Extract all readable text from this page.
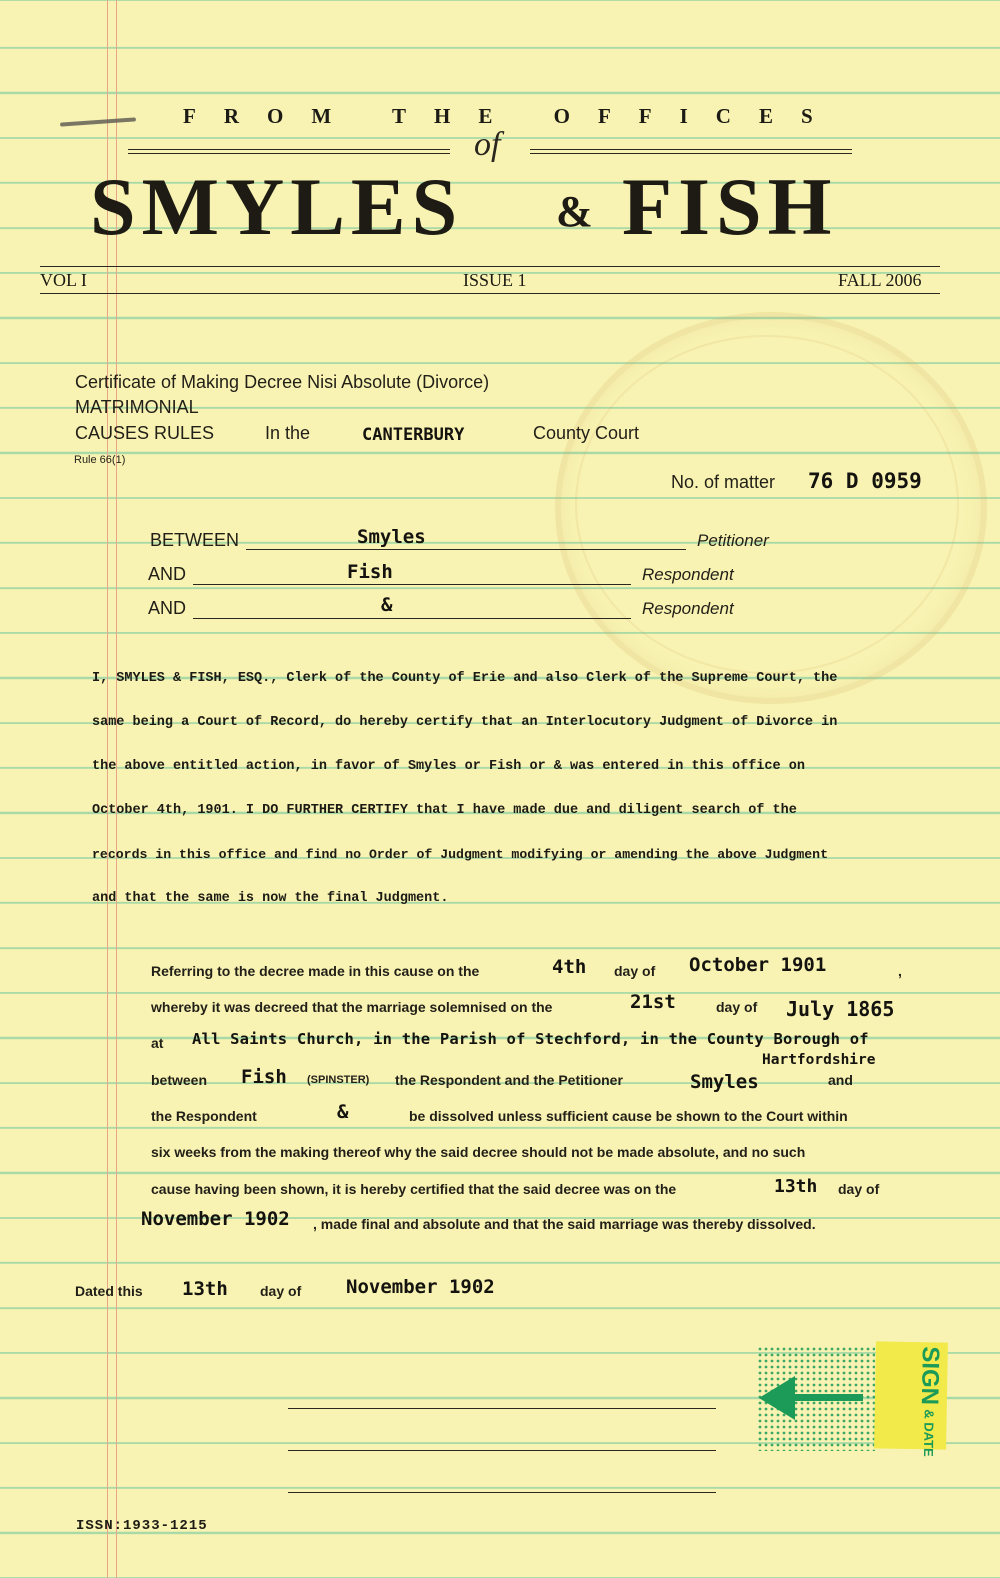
FROM THE OFFICES
of
SMYLES & FISH
VOL I	ISSUE 1	FALL 2006
Certificate of Making Decree Nisi Absolute (Divorce)
MATRIMONIAL
CAUSES RULES	In the	CANTERBURY	County Court
Rule 66(1)
No. of matter 76 D 0959
BETWEEN	Smyles	Petitioner
AND	Fish	Respondent
AND	&	Respondent
I, SMYLES & FISH, ESQ., Clerk of the County of Erie and also Clerk of the Supreme Court, the
same being a Court of Record, do hereby certify that an Interlocutory Judgment of Divorce in
the above entitled action, in favor of Smyles or Fish or & was entered in this office on
October 4th, 1901. I DO FURTHER CERTIFY that I have made due and diligent search of the
records in this office and find no Order of Judgment modifying or amending the above Judgment
and that the same is now the final Judgment.
Referring to the decree made in this cause on the	4th day of October 1901	,
whereby it was decreed that the marriage solemnised on the	21st	day of July 1865
at All Saints Church, in the Parish of Stechford, in the County Borough of
Hartfordshire
between Fish (SPINSTER) the Respondent and the Petitioner	Smyles	and
the Respondent	&	be dissolved unless sufficient cause be shown to the Court within
six weeks from the making thereof why the said decree should not be made absolute, and no such
cause having been shown, it is hereby certified that the said decree was on the	13th day of
November 1902 , made final and absolute and that the said marriage was thereby dissolved.
Dated this 13th day of November 1902
SIGN & DATE
ISSN:1933-1215
